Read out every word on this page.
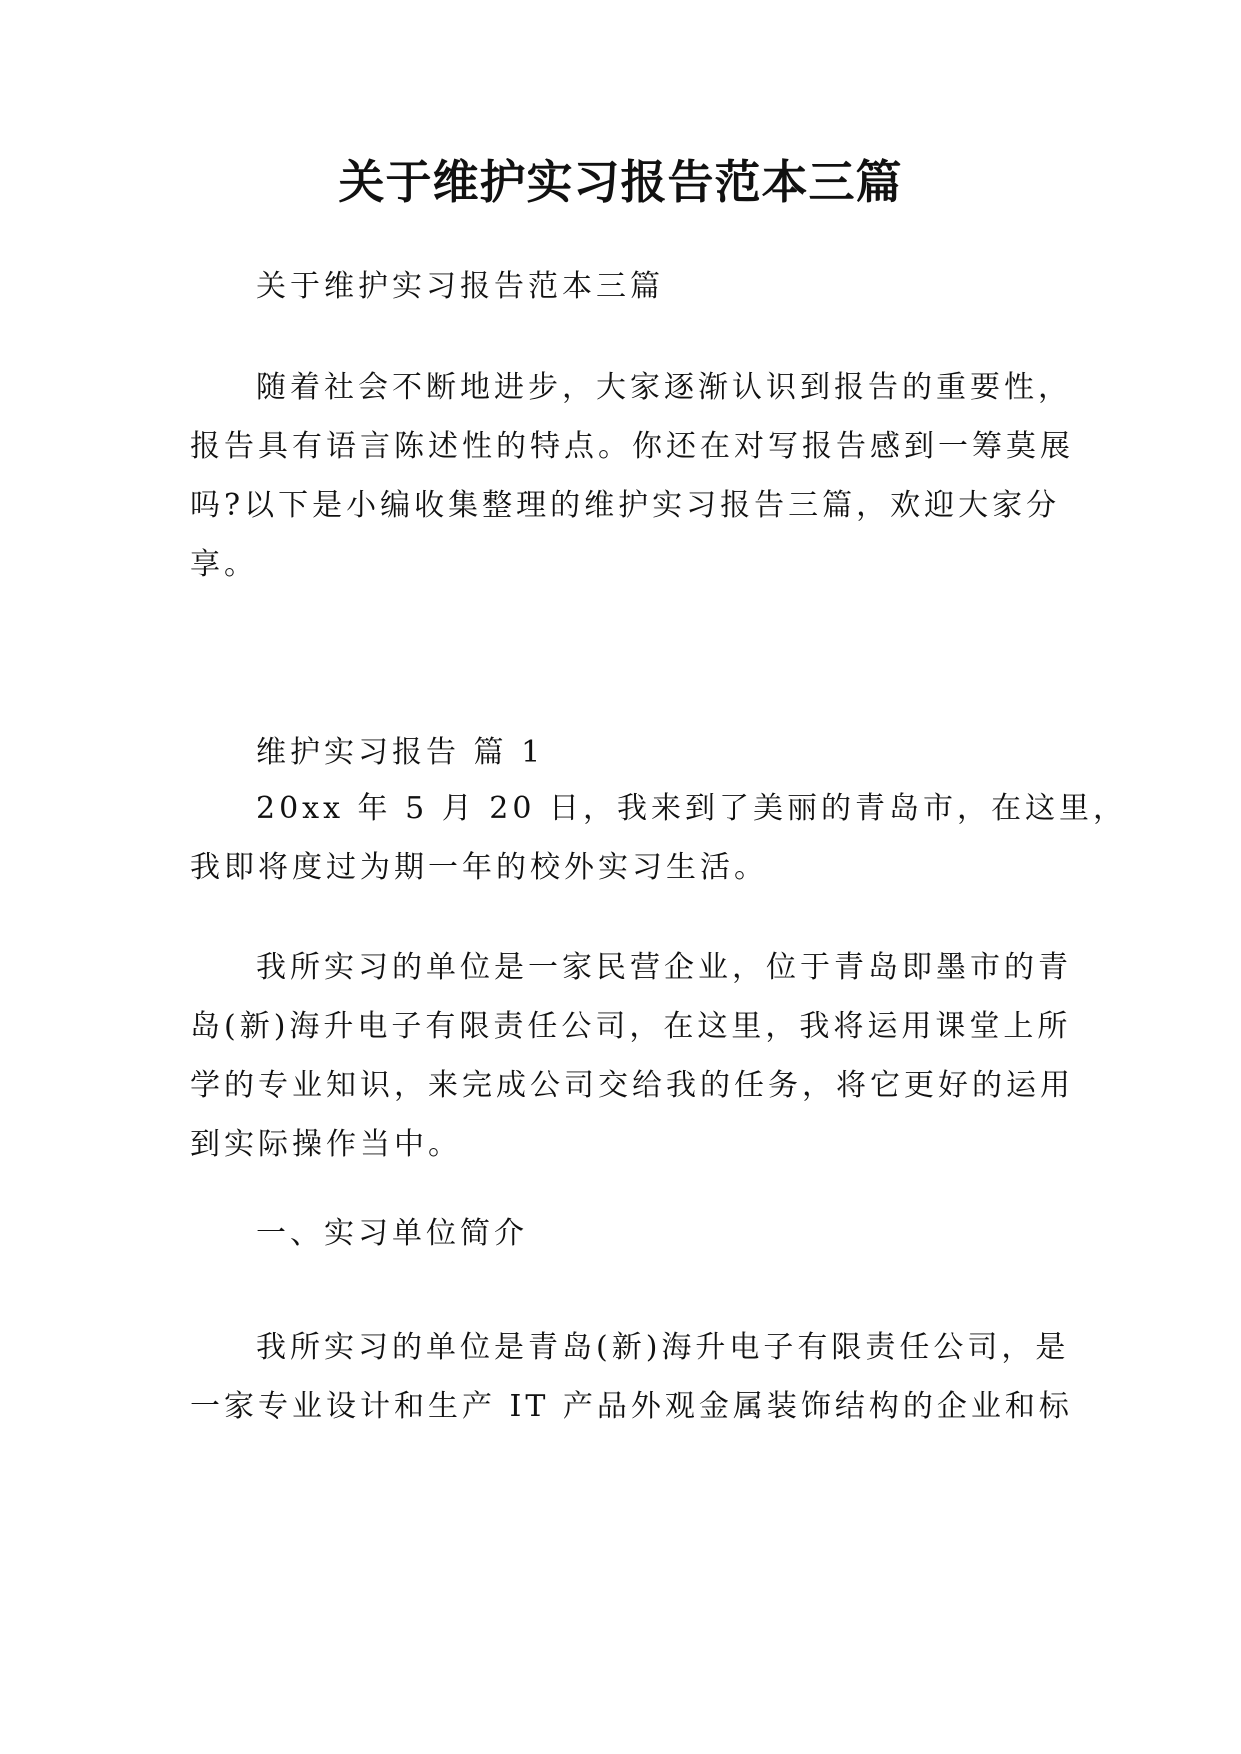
关于维护实习报告范本三篇
关于维护实习报告范本三篇
随着社会不断地进步，大家逐渐认识到报告的重要性，
报告具有语言陈述性的特点。你还在对写报告感到一筹莫展
吗?以下是小编收集整理的维护实习报告三篇，欢迎大家分
享。
维护实习报告 篇 1
20xx 年 5 月 20 日，我来到了美丽的青岛市，在这里，
我即将度过为期一年的校外实习生活。
我所实习的单位是一家民营企业，位于青岛即墨市的青
岛(新)海升电子有限责任公司，在这里，我将运用课堂上所
学的专业知识，来完成公司交给我的任务，将它更好的运用
到实际操作当中。
一、实习单位简介
我所实习的单位是青岛(新)海升电子有限责任公司，是
一家专业设计和生产 IT 产品外观金属装饰结构的企业和标
